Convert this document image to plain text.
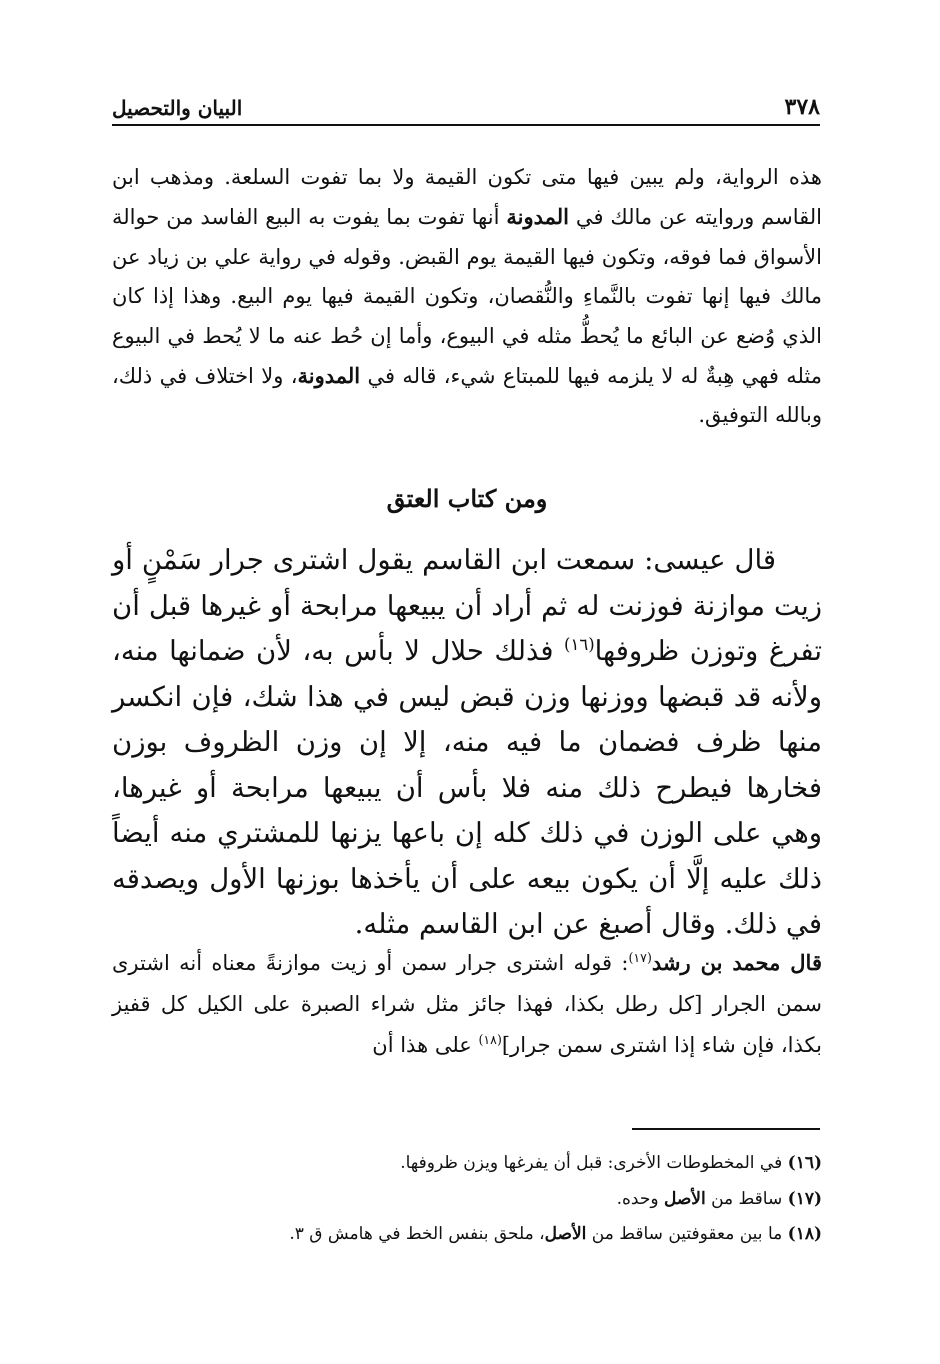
٣٧٨
البيان والتحصيل

هذه الرواية، ولم يبين فيها متى تكون القيمة ولا بما تفوت السلعة. ومذهب ابن القاسم وروايته عن مالك في المدونة أنها تفوت بما يفوت به البيع الفاسد من حوالة الأسواق فما فوقه، وتكون فيها القيمة يوم القبض. وقوله في رواية علي بن زياد عن مالك فيها إنها تفوت بالنَّماءِ والنُّقصان، وتكون القيمة فيها يوم البيع. وهذا إذا كان الذي وُضع عن البائع ما يُحطُّ مثله في البيوع، وأما إن حُط عنه ما لا يُحط في البيوع مثله فهي هِبةٌ له لا يلزمه فيها للمبتاع شيء، قاله في المدونة، ولا اختلاف في ذلك، وبالله التوفيق.

ومن كتاب العتق

قال عيسى: سمعت ابن القاسم يقول اشترى جرار سَمْنٍ أو زيت موازنة فوزنت له ثم أراد أن يبيعها مرابحة أو غيرها قبل أن تفرغ وتوزن ظروفها$^{(١٦)}$ فذلك حلال لا بأس به، لأن ضمانها منه، ولأنه قد قبضها ووزنها وزن قبض ليس في هذا شك، فإن انكسر منها ظرف فضمان ما فيه منه، إلا إن وزن الظروف بوزن فخارها فيطرح ذلك منه فلا بأس أن يبيعها مرابحة أو غيرها، وهي على الوزن في ذلك كله إن باعها يزنها للمشتري منه أيضاً ذلك عليه إلَّا أن يكون بيعه على أن يأخذها بوزنها الأول ويصدقه في ذلك. وقال أصبغ عن ابن القاسم مثله.

قال محمد بن رشد$^{(١٧)}$: قوله اشترى جرار سمن أو زيت موازنةً معناه أنه اشترى سمن الجرار [كل رطل بكذا، فهذا جائز مثل شراء الصبرة على الكيل كل قفيز بكذا، فإن شاء إذا اشترى سمن جرار]$^{(١٨)}$ على هذا أن

(١٦) في المخطوطات الأخرى: قبل أن يفرغها ويزن ظروفها.
(١٧) ساقط من الأصل وحده.
(١٨) ما بين معقوفتين ساقط من الأصل، ملحق بنفس الخط في هامش ق ٣.
